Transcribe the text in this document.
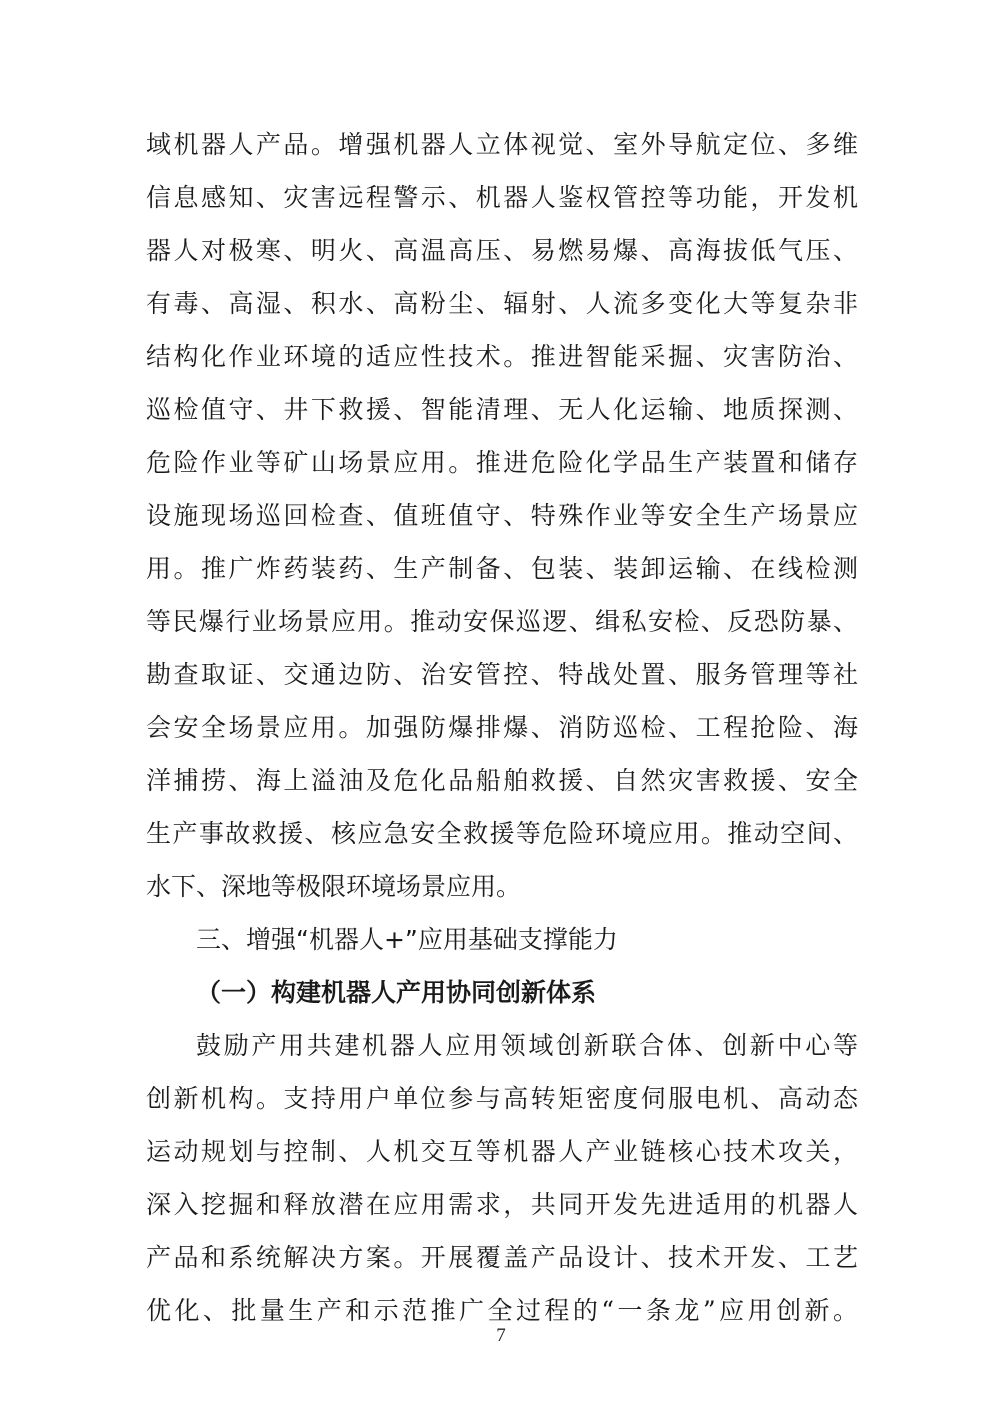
域机器人产品。增强机器人立体视觉、室外导航定位、多维
信息感知、灾害远程警示、机器人鉴权管控等功能，开发机
器人对极寒、明火、高温高压、易燃易爆、高海拔低气压、
有毒、高湿、积水、高粉尘、辐射、人流多变化大等复杂非
结构化作业环境的适应性技术。推进智能采掘、灾害防治、
巡检值守、井下救援、智能清理、无人化运输、地质探测、
危险作业等矿山场景应用。推进危险化学品生产装置和储存
设施现场巡回检查、值班值守、特殊作业等安全生产场景应
用。推广炸药装药、生产制备、包装、装卸运输、在线检测
等民爆行业场景应用。推动安保巡逻、缉私安检、反恐防暴、
勘查取证、交通边防、治安管控、特战处置、服务管理等社
会安全场景应用。加强防爆排爆、消防巡检、工程抢险、海
洋捕捞、海上溢油及危化品船舶救援、自然灾害救援、安全
生产事故救援、核应急安全救援等危险环境应用。推动空间、
水下、深地等极限环境场景应用。
三、增强“机器人+”应用基础支撑能力
（一）构建机器人产用协同创新体系
鼓励产用共建机器人应用领域创新联合体、创新中心等
创新机构。支持用户单位参与高转矩密度伺服电机、高动态
运动规划与控制、人机交互等机器人产业链核心技术攻关，
深入挖掘和释放潜在应用需求，共同开发先进适用的机器人
产品和系统解决方案。开展覆盖产品设计、技术开发、工艺
优化、批量生产和示范推广全过程的“一条龙”应用创新。
7
